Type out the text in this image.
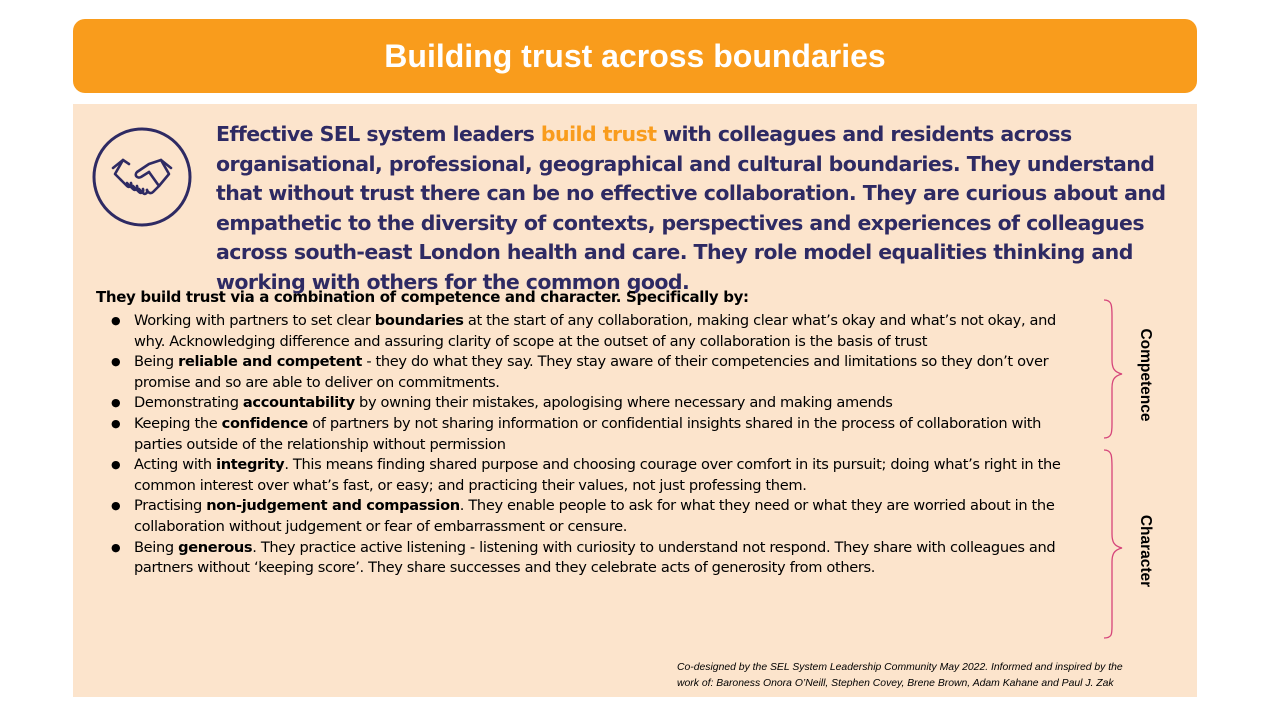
Building trust across boundaries
Effective SEL system leaders build trust with colleagues and residents across organisational, professional, geographical and cultural boundaries. They understand that without trust there can be no effective collaboration. They are curious about and empathetic to the diversity of contexts, perspectives and experiences of colleagues across south-east London health and care. They role model equalities thinking and working with others for the common good.
They build trust via a combination of competence and character. Specifically by:
● Working with partners to set clear boundaries at the start of any collaboration, making clear what’s okay and what’s not okay, and why. Acknowledging difference and assuring clarity of scope at the outset of any collaboration is the basis of trust
● Being reliable and competent - they do what they say. They stay aware of their competencies and limitations so they don’t over promise and so are able to deliver on commitments.
● Demonstrating accountability by owning their mistakes, apologising where necessary and making amends
● Keeping the confidence of partners by not sharing information or confidential insights shared in the process of collaboration with parties outside of the relationship without permission
● Acting with integrity. This means finding shared purpose and choosing courage over comfort in its pursuit; doing what’s right in the common interest over what’s fast, or easy; and practicing their values, not just professing them.
● Practising non-judgement and compassion. They enable people to ask for what they need or what they are worried about in the collaboration without judgement or fear of embarrassment or censure.
● Being generous. They practice active listening - listening with curiosity to understand not respond. They share with colleagues and partners without ‘keeping score’. They share successes and they celebrate acts of generosity from others.
Competence
Character
Co-designed by the SEL System Leadership Community May 2022. Informed and inspired by the
work of: Baroness Onora O’Neill, Stephen Covey, Brene Brown, Adam Kahane and Paul J. Zak
